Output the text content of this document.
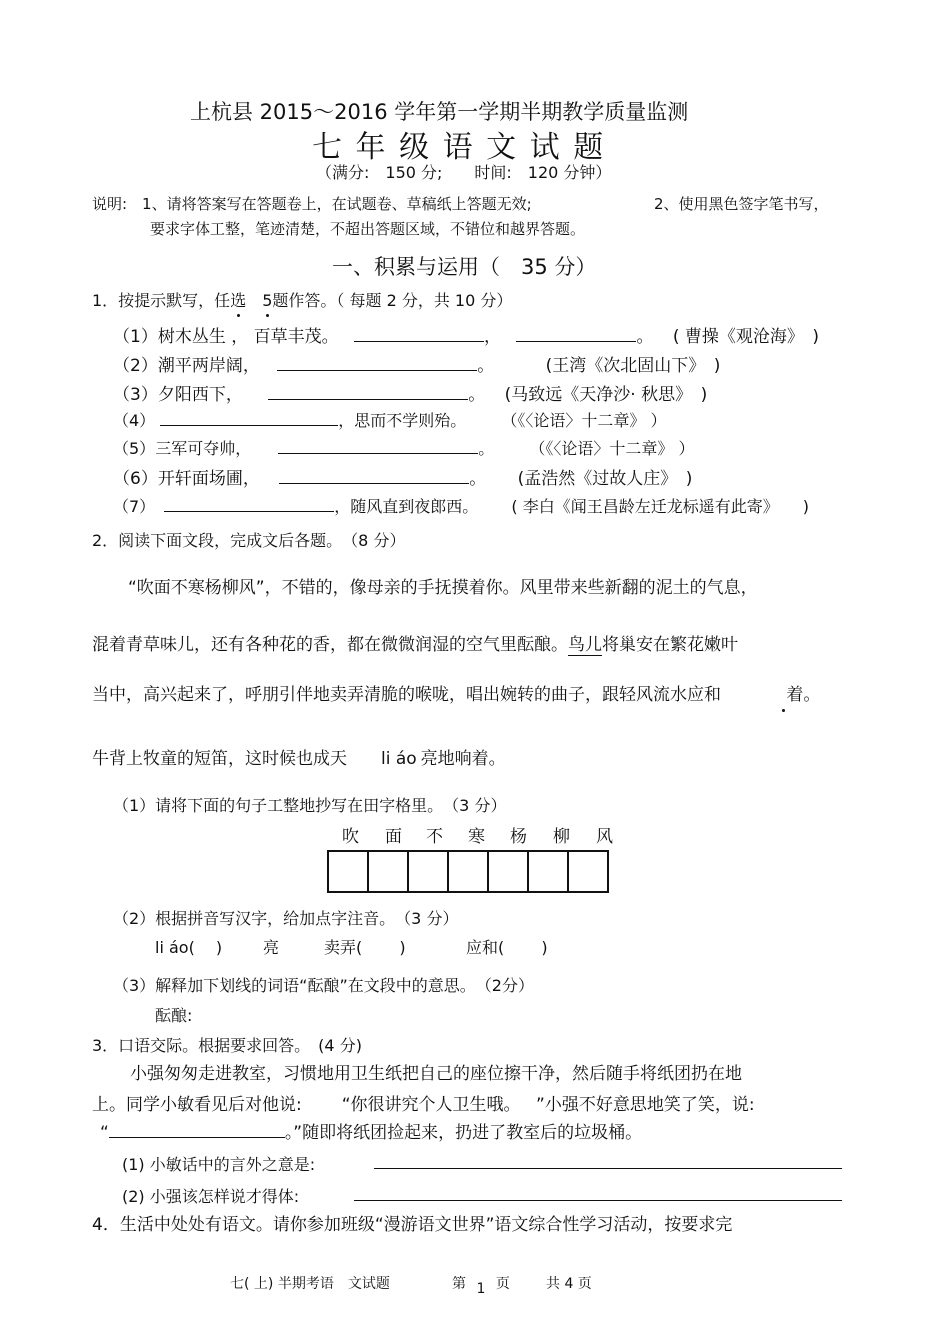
上杭县 2015～2016 学年第一学期半期教学质量监测
七 年 级 语 文 试 题
（满分:　150 分;　　时间:　120 分钟）
说明:　1、请将答案写在答题卷上，在试题卷、草稿纸上答题无效;	2、使用黑色签字笔书写，
要求字体工整，笔迹清楚，不超出答题区域，不错位和越界答题。
一、积累与运用（　35 分）
1．按提示默写，任选　 5题作答。（ 每题 2 分，共 10 分）
（1）树木丛生 ， 百草丰茂。	，	。 ( 曹操《观沧海》　)
（2）潮平两岸阔，	。	(王湾《次北固山下》　)
（3）夕阳西下，	。 (马致远《天净沙· 秋思》　)
（4）	，思而不学则殆。 （《〈论语〉十二章》 ）
（5）三军可夺帅，	。 （《〈论语〉十二章》 ）
（6）开轩面场圃，	。 (孟浩然《过故人庄》　)
（7）	，随风直到夜郎西。 ( 李白《闻王昌龄左迁龙标遥有此寄》　　)
2．阅读下面文段，完成文后各题。　（8 分）
“吹面不寒杨柳风”，不错的，像母亲的手抚摸着你。风里带来些新翻的泥土的气息，
混着青草味儿，还有各种花的香，都在微微润湿的空气里酝酿。鸟儿将巢安在繁花嫩叶
当中，高兴起来了，呼朋引伴地卖弄清脆的喉咙，唱出婉转的曲子，跟轻风流水应和	着。
牛背上牧童的短笛，这时候也成天 li áo 亮地响着。
（1）请将下面的句子工整地抄写在田字格里。　（3 分）
吹 面 不 寒 杨 柳 风
（2）根据拼音写汉字，给加点字注音。　（3 分）
li áo(　 )	亮	卖弄(　　 )	应和(　　 )
（3）解释加下划线的词语“酝酿”在文段中的意思。　（2分）
酝酿:
3．口语交际。根据要求回答。　(4 分)
小强匆匆走进教室，习惯地用卫生纸把自己的座位擦干净，然后随手将纸团扔在地
上。同学小敏看见后对他说: “你很讲究个人卫生哦。 ”小强不好意思地笑了笑，说:
“	。”随即将纸团捡起来，扔进了教室后的垃圾桶。
(1) 小敏话中的言外之意是:
(2) 小强该怎样说才得体:
4．生活中处处有语文。请你参加班级“漫游语文世界”语文综合性学习活动，按要求完
七( 上) 半期考语　文试题	第 1 页	共 4 页
